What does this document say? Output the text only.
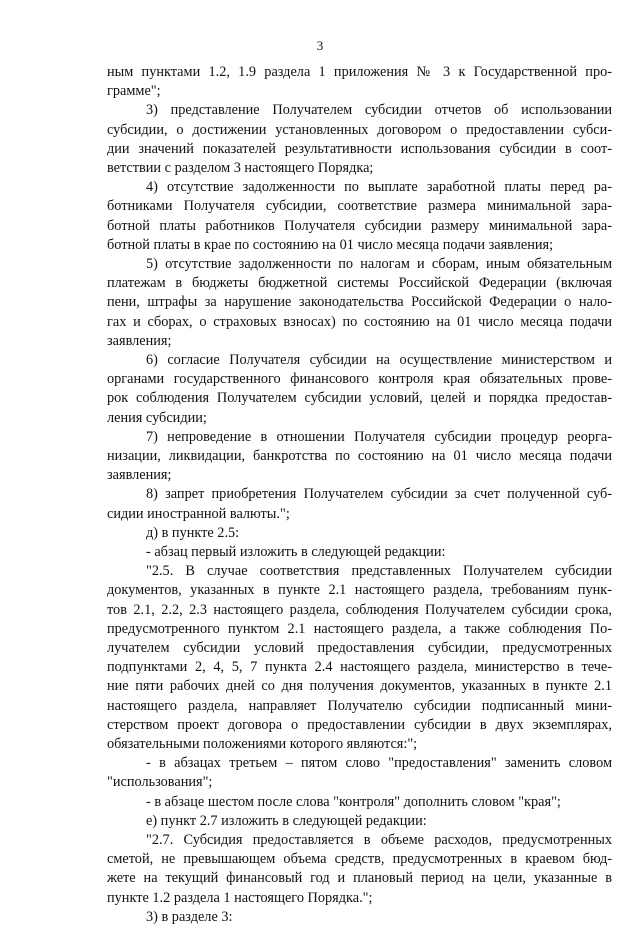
3
ным пунктами 1.2, 1.9 раздела 1 приложения № 3 к Государственной про-
грамме";
3) представление Получателем субсидии отчетов об использовании
субсидии, о достижении установленных договором о предоставлении субси-
дии значений показателей результативности использования субсидии в соот-
ветствии с разделом 3 настоящего Порядка;
4) отсутствие задолженности по выплате заработной платы перед ра-
ботниками Получателя субсидии, соответствие размера минимальной зара-
ботной платы работников Получателя субсидии размеру минимальной зара-
ботной платы в крае по состоянию на 01 число месяца подачи заявления;
5) отсутствие задолженности по налогам и сборам, иным обязательным
платежам в бюджеты бюджетной системы Российской Федерации (включая
пени, штрафы за нарушение законодательства Российской Федерации о нало-
гах и сборах, о страховых взносах) по состоянию на 01 число месяца подачи
заявления;
6) согласие Получателя субсидии на осуществление министерством и
органами государственного финансового контроля края обязательных прове-
рок соблюдения Получателем субсидии условий, целей и порядка предостав-
ления субсидии;
7) непроведение в отношении Получателя субсидии процедур реорга-
низации, ликвидации, банкротства по состоянию на 01 число месяца подачи
заявления;
8) запрет приобретения Получателем субсидии за счет полученной суб-
сидии иностранной валюты.";
д) в пункте 2.5:
- абзац первый изложить в следующей редакции:
"2.5. В случае соответствия представленных Получателем субсидии
документов, указанных в пункте 2.1 настоящего раздела, требованиям пунк-
тов 2.1, 2.2, 2.3 настоящего раздела, соблюдения Получателем субсидии срока,
предусмотренного пунктом 2.1 настоящего раздела, а также соблюдения По-
лучателем субсидии условий предоставления субсидии, предусмотренных
подпунктами 2, 4, 5, 7 пункта 2.4 настоящего раздела, министерство в тече-
ние пяти рабочих дней со дня получения документов, указанных в пункте 2.1
настоящего раздела, направляет Получателю субсидии подписанный мини-
стерством проект договора о предоставлении субсидии в двух экземплярах,
обязательными положениями которого являются:";
- в абзацах третьем – пятом слово "предоставления" заменить словом
"использования";
- в абзаце шестом после слова "контроля" дополнить словом "края";
е) пункт 2.7 изложить в следующей редакции:
"2.7. Субсидия предоставляется в объеме расходов, предусмотренных
сметой, не превышающем объема средств, предусмотренных в краевом бюд-
жете на текущий финансовый год и плановый период на цели, указанные в
пункте 1.2 раздела 1 настоящего Порядка.";
3) в разделе 3:
